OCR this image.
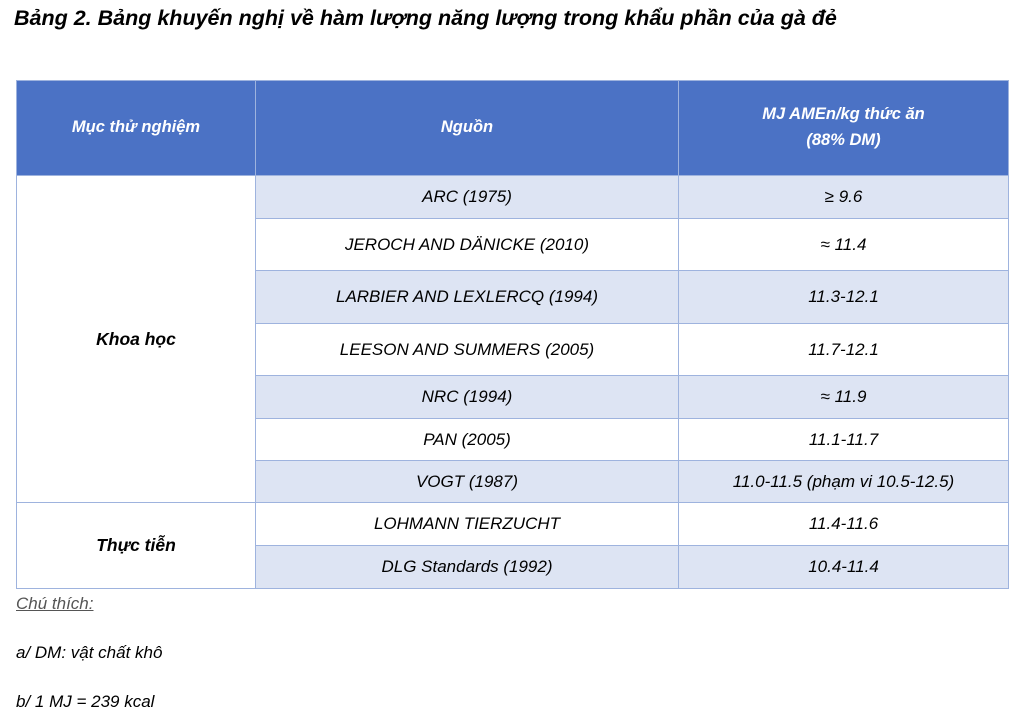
Bảng 2. Bảng khuyến nghị về hàm lượng năng lượng trong khẩu phần của gà đẻ
Mục thử nghiệm	Nguồn	MJ AMEn/kg thức ăn
(88% DM)
Khoa học	ARC (1975)	≥ 9.6
	JEROCH AND DÄNICKE (2010)	≈ 11.4
	LARBIER AND LEXLERCQ (1994)	11.3-12.1
	LEESON AND SUMMERS (2005)	11.7-12.1
	NRC (1994)	≈ 11.9
	PAN (2005)	11.1-11.7
	VOGT (1987)	11.0-11.5 (phạm vi 10.5-12.5)
Thực tiễn	LOHMANN TIERZUCHT	11.4-11.6
	DLG Standards (1992)	10.4-11.4
Chú thích:
a/ DM: vật chất khô
b/ 1 MJ = 239 kcal
